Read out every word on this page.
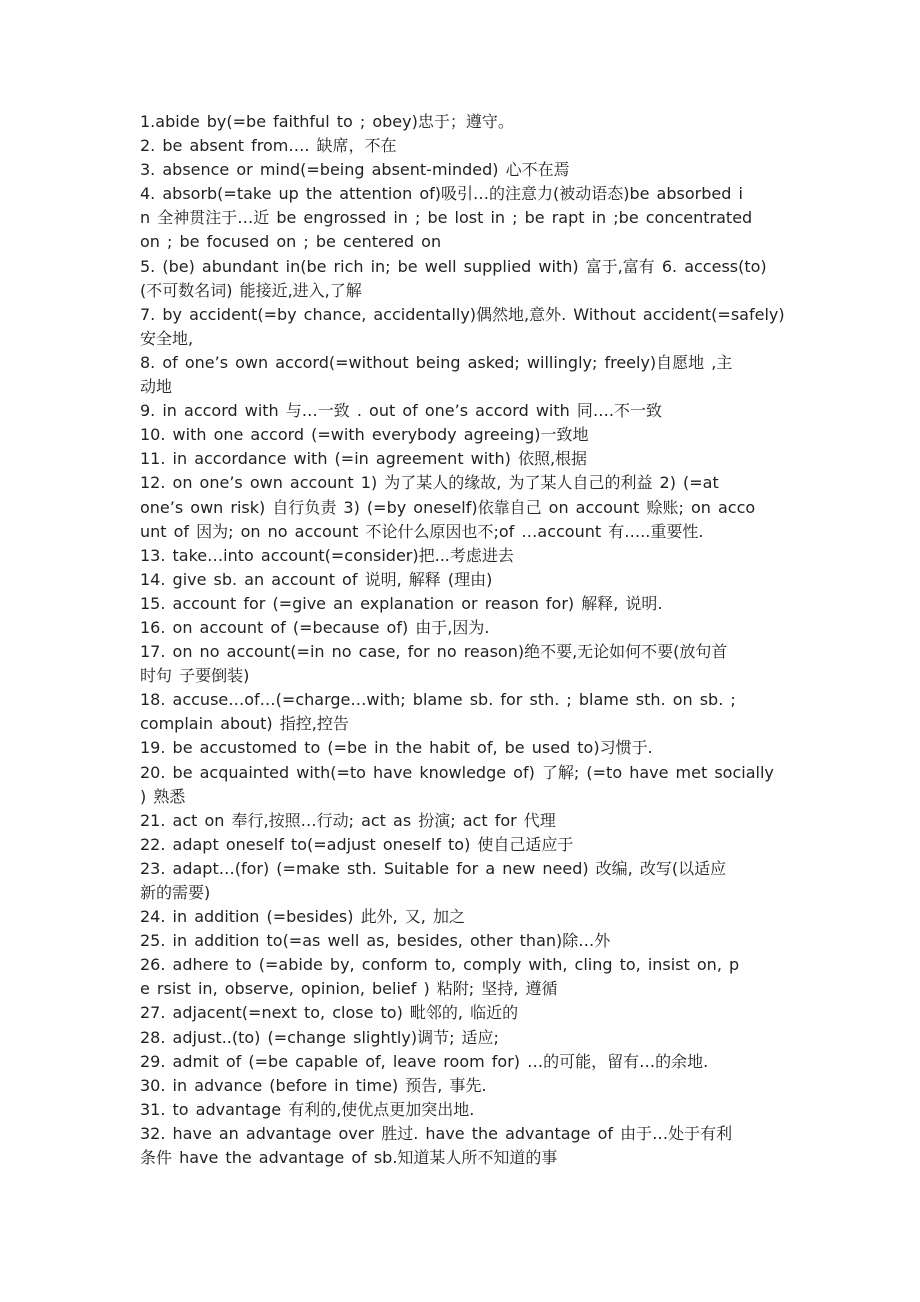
1.abide by(=be faithful to ; obey)忠于；遵守。
2. be absent from…. 缺席，不在
3. absence or mind(=being absent-minded) 心不在焉
4. absorb(=take up the attention of)吸引…的注意力(被动语态)be absorbed i
n 全神贯注于…近 be engrossed in ; be lost in ; be rapt in ;be concentrated
on ; be focused on ; be centered on
5. (be) abundant in(be rich in; be well supplied with) 富于,富有 6. access(to)
(不可数名词) 能接近,进入,了解
7. by accident(=by chance, accidentally)偶然地,意外. Without accident(=safely)
安全地,
8. of one’s own accord(=without being asked; willingly; freely)自愿地 ,主
动地
9. in accord with 与…一致 . out of one’s accord with 同….不一致
10. with one accord (=with everybody agreeing)一致地
11. in accordance with (=in agreement with) 依照,根据
12. on one’s own account 1) 为了某人的缘故, 为了某人自己的利益 2) (=at
one’s own risk) 自行负责 3) (=by oneself)依靠自己 on account 赊账; on acco
unt of 因为; on no account 不论什么原因也不;of …account 有…..重要性.
13. take…into account(=consider)把...考虑进去
14. give sb. an account of 说明, 解释 (理由)
15. account for (=give an explanation or reason for) 解释, 说明.
16. on account of (=because of) 由于,因为.
17. on no account(=in no case, for no reason)绝不要,无论如何不要(放句首
时句 子要倒装)
18. accuse…of…(=charge…with; blame sb. for sth. ; blame sth. on sb. ;
complain about) 指控,控告
19. be accustomed to (=be in the habit of, be used to)习惯于.
20. be acquainted with(=to have knowledge of) 了解; (=to have met socially
) 熟悉
21. act on 奉行,按照…行动; act as 扮演; act for 代理
22. adapt oneself to(=adjust oneself to) 使自己适应于
23. adapt…(for) (=make sth. Suitable for a new need) 改编, 改写(以适应
新的需要)
24. in addition (=besides) 此外, 又, 加之
25. in addition to(=as well as, besides, other than)除…外
26. adhere to (=abide by, conform to, comply with, cling to, insist on, p
e rsist in, observe, opinion, belief ) 粘附; 坚持, 遵循
27. adjacent(=next to, close to) 毗邻的, 临近的
28. adjust..(to) (=change slightly)调节; 适应;
29. admit of (=be capable of, leave room for) …的可能，留有…的余地.
30. in advance (before in time) 预告, 事先.
31. to advantage 有利的,使优点更加突出地.
32. have an advantage over 胜过. have the advantage of 由于…处于有利
条件 have the advantage of sb.知道某人所不知道的事
